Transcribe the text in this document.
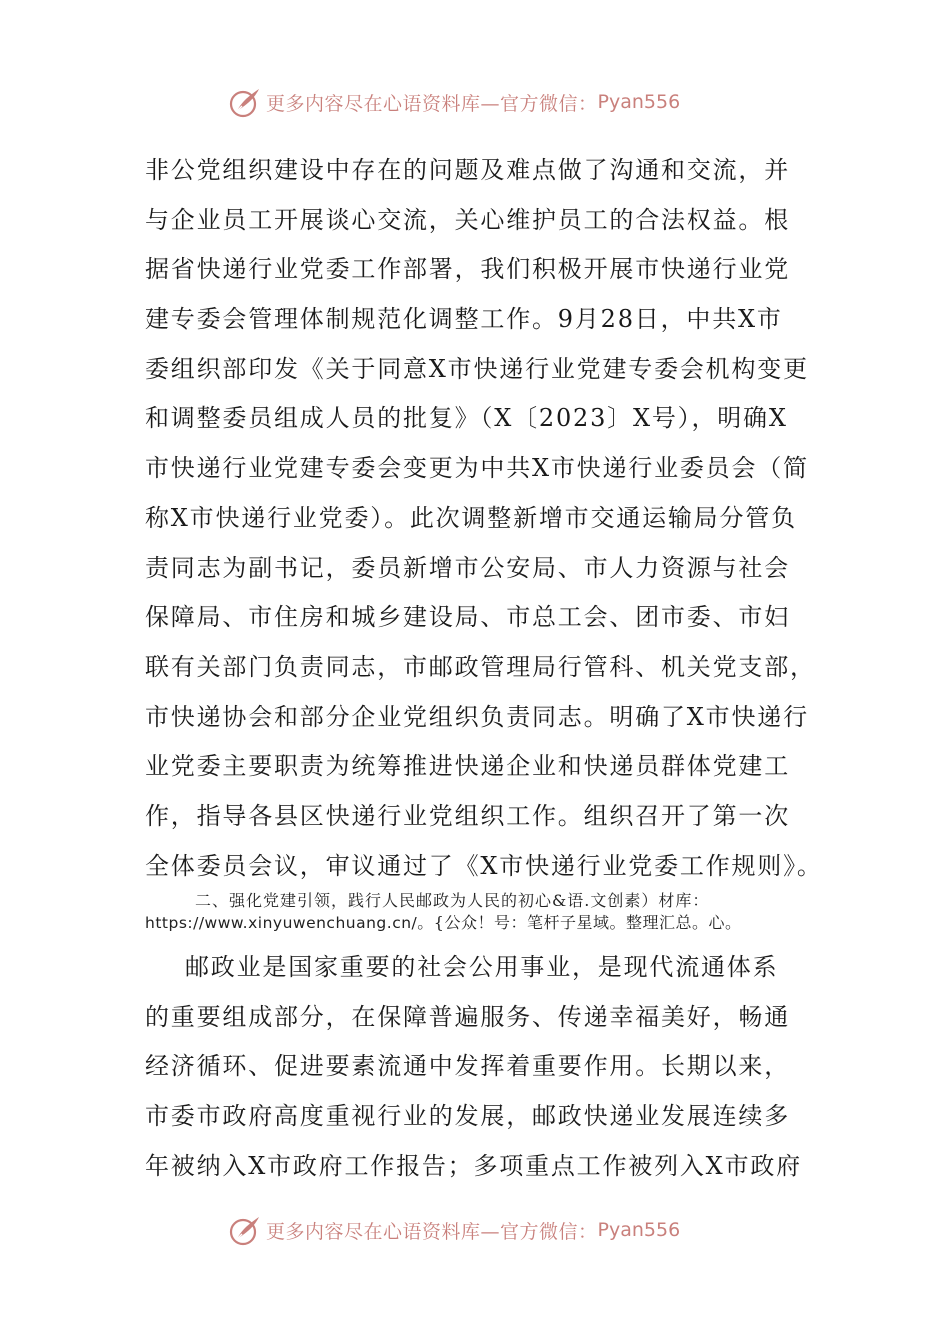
更多内容尽在心语资料库—官方微信： Pyan556
非公党组织建设中存在的问题及难点做了沟通和交流，并
与企业员工开展谈心交流，关心维护员工的合法权益。根
据省快递行业党委工作部署，我们积极开展市快递行业党
建专委会管理体制规范化调整工作。9月28日，中共X市
委组织部印发《关于同意X市快递行业党建专委会机构变更
和调整委员组成人员的批复》（X〔2023〕X号），明确X
市快递行业党建专委会变更为中共X市快递行业委员会（简
称X市快递行业党委）。此次调整新增市交通运输局分管负
责同志为副书记，委员新增市公安局、市人力资源与社会
保障局、市住房和城乡建设局、市总工会、团市委、市妇
联有关部门负责同志，市邮政管理局行管科、机关党支部，
市快递协会和部分企业党组织负责同志。明确了X市快递行
业党委主要职责为统筹推进快递企业和快递员群体党建工
作，指导各县区快递行业党组织工作。组织召开了第一次
全体委员会议，审议通过了《X市快递行业党委工作规则》。
二、强化党建引领，践行人民邮政为人民的初心&语.文创素）材库：
https://www.xinyuwenchuang.cn/。{公众！号：笔杆子星域。整理汇总。心。
邮政业是国家重要的社会公用事业，是现代流通体系
的重要组成部分，在保障普遍服务、传递幸福美好，畅通
经济循环、促进要素流通中发挥着重要作用。长期以来，
市委市政府高度重视行业的发展，邮政快递业发展连续多
年被纳入X市政府工作报告；多项重点工作被列入X市政府
更多内容尽在心语资料库—官方微信： Pyan556
